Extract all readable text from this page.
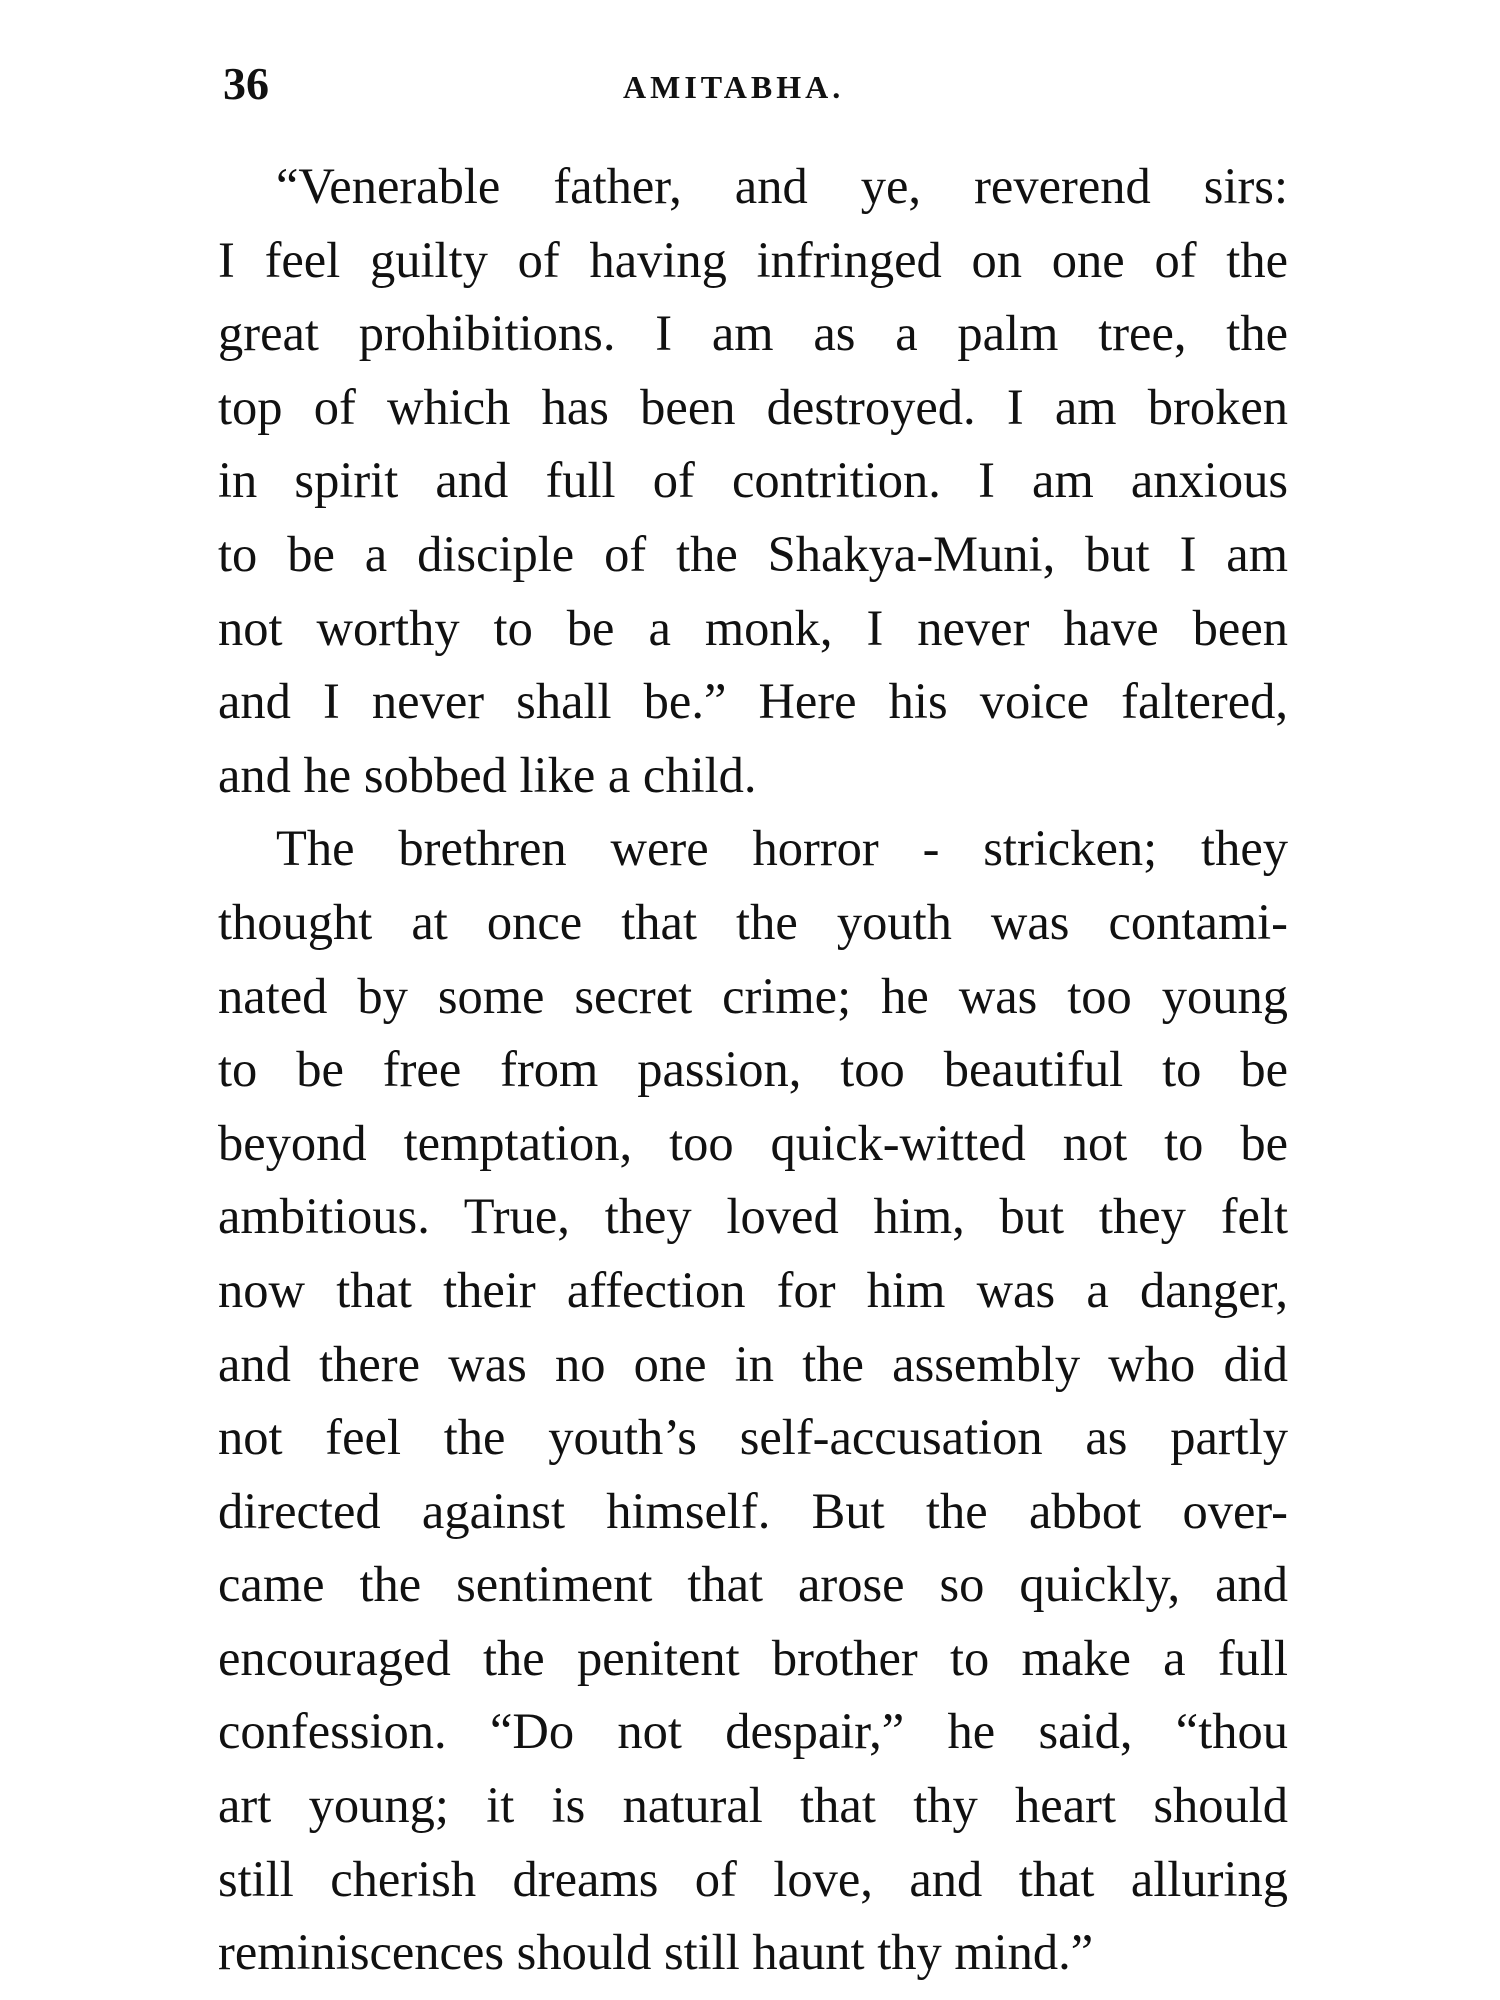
36	AMITABHA.
“Venerable father, and ye, reverend sirs:
I feel guilty of having infringed on one of the
great prohibitions. I am as a palm tree, the
top of which has been destroyed. I am broken
in spirit and full of contrition. I am anxious
to be a disciple of the Shakya-Muni, but I am
not worthy to be a monk, I never have been
and I never shall be.” Here his voice faltered,
and he sobbed like a child.
The brethren were horror - stricken; they
thought at once that the youth was contami-
nated by some secret crime; he was too young
to be free from passion, too beautiful to be
beyond temptation, too quick-witted not to be
ambitious. True, they loved him, but they felt
now that their affection for him was a danger,
and there was no one in the assembly who did
not feel the youth’s self-accusation as partly
directed against himself. But the abbot over-
came the sentiment that arose so quickly, and
encouraged the penitent brother to make a full
confession. “Do not despair,” he said, “thou
art young; it is natural that thy heart should
still cherish dreams of love, and that alluring
reminiscences should still haunt thy mind.”
